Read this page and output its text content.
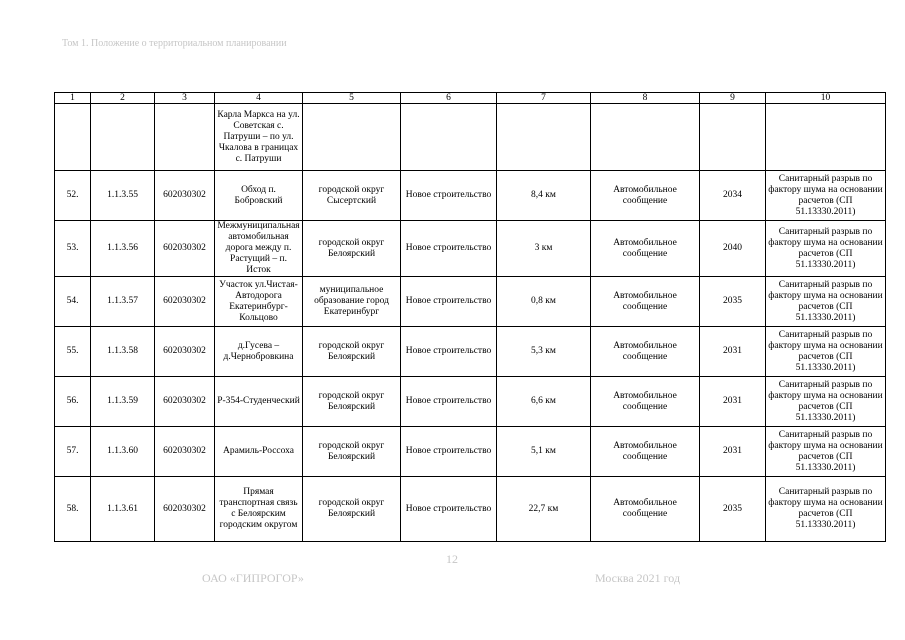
Том 1. Положение о территориальном планировании
1	2	3	4	5	6	7	8	9	10
			Карла Маркса на ул. Советская с. Патруши – по ул. Чкалова в границах с. Патруши						
52.	1.1.3.55	602030302	Обход п. Бобровский	городской округ Сысертский	Новое строительство	8,4 км	Автомобильное сообщение	2034	Санитарный разрыв по фактору шума на основании расчетов (СП 51.13330.2011)
53.	1.1.3.56	602030302	Межмуниципальная автомобильная дорога между п. Растущий – п. Исток	городской округ Белоярский	Новое строительство	3 км	Автомобильное сообщение	2040	Санитарный разрыв по фактору шума на основании расчетов (СП 51.13330.2011)
54.	1.1.3.57	602030302	Участок ул.Чистая-Автодорога Екатеринбург-Кольцово	муниципальное образование город Екатеринбург	Новое строительство	0,8 км	Автомобильное сообщение	2035	Санитарный разрыв по фактору шума на основании расчетов (СП 51.13330.2011)
55.	1.1.3.58	602030302	д.Гусева – д.Чернобровкина	городской округ Белоярский	Новое строительство	5,3 км	Автомобильное сообщение	2031	Санитарный разрыв по фактору шума на основании расчетов (СП 51.13330.2011)
56.	1.1.3.59	602030302	Р-354-Студенческий	городской округ Белоярский	Новое строительство	6,6 км	Автомобильное сообщение	2031	Санитарный разрыв по фактору шума на основании расчетов (СП 51.13330.2011)
57.	1.1.3.60	602030302	Арамиль-Россоха	городской округ Белоярский	Новое строительство	5,1 км	Автомобильное сообщение	2031	Санитарный разрыв по фактору шума на основании расчетов (СП 51.13330.2011)
58.	1.1.3.61	602030302	Прямая транспортная связь с Белоярским городским округом	городской округ Белоярский	Новое строительство	22,7 км	Автомобильное сообщение	2035	Санитарный разрыв по фактору шума на основании расчетов (СП 51.13330.2011)
12
ОАО «ГИПРОГОР»	Москва 2021 год
